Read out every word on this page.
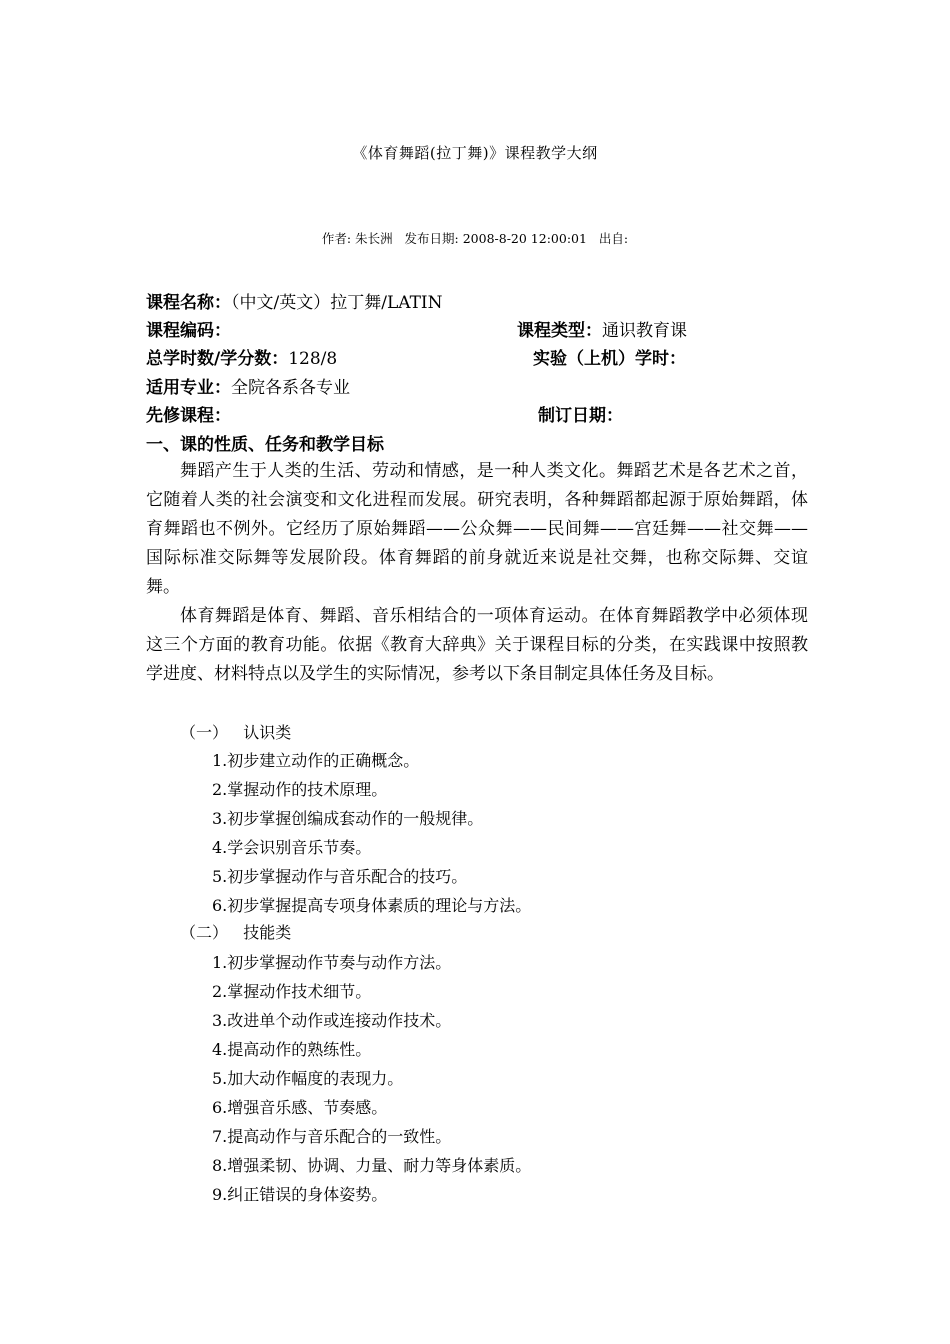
《体育舞蹈(拉丁舞)》课程教学大纲
作者: 朱长洲   发布日期: 2008-8-20 12:00:01   出自:
课程名称：（中文/英文）拉丁舞/LATIN
课程编码：	课程类型：通识教育课
总学时数/学分数：128/8	实验（上机）学时：
适用专业：全院各系各专业
先修课程：	制订日期：
一、课的性质、任务和教学目标

舞蹈产生于人类的生活、劳动和情感，是一种人类文化。舞蹈艺术是各艺术之首，它随着人类的社会演变和文化进程而发展。研究表明，各种舞蹈都起源于原始舞蹈，体育舞蹈也不例外。它经历了原始舞蹈——公众舞——民间舞——宫廷舞——社交舞——国际标准交际舞等发展阶段。体育舞蹈的前身就近来说是社交舞，也称交际舞、交谊舞。

体育舞蹈是体育、舞蹈、音乐相结合的一项体育运动。在体育舞蹈教学中必须体现这三个方面的教育功能。依据《教育大辞典》关于课程目标的分类，在实践课中按照教学进度、材料特点以及学生的实际情况，参考以下条目制定具体任务及目标。

（一）   认识类
1.初步建立动作的正确概念。
2.掌握动作的技术原理。
3.初步掌握创编成套动作的一般规律。
4.学会识别音乐节奏。
5.初步掌握动作与音乐配合的技巧。
6.初步掌握提高专项身体素质的理论与方法。
（二）   技能类
1.初步掌握动作节奏与动作方法。
2.掌握动作技术细节。
3.改进单个动作或连接动作技术。
4.提高动作的熟练性。
5.加大动作幅度的表现力。
6.增强音乐感、节奏感。
7.提高动作与音乐配合的一致性。
8.增强柔韧、协调、力量、耐力等身体素质。
9.纠正错误的身体姿势。
